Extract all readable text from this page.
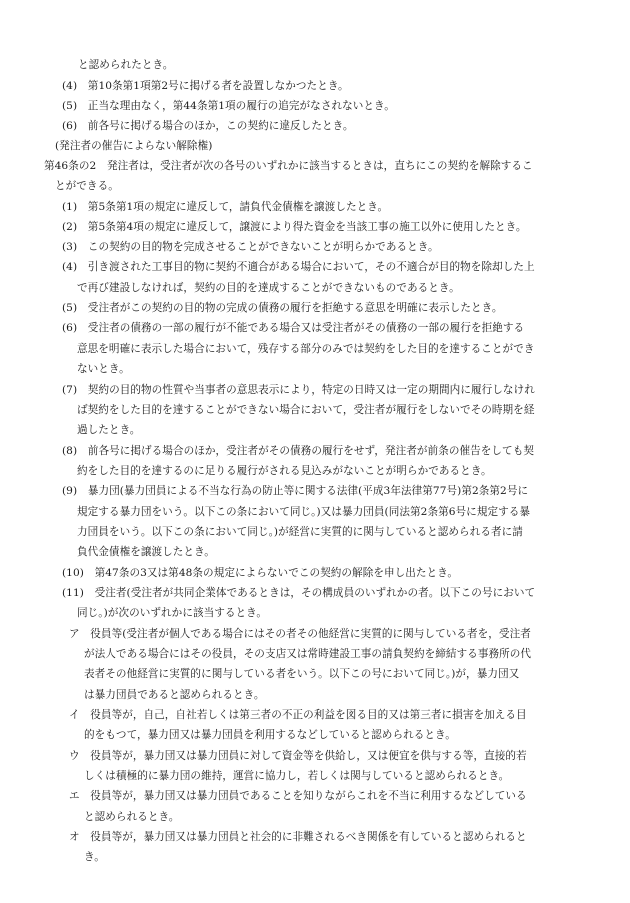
と認められたとき。
(4)　第10条第1項第2号に掲げる者を設置しなかつたとき。
(5)　正当な理由なく，第44条第1項の履行の追完がなされないとき。
(6)　前各号に掲げる場合のほか，この契約に違反したとき。
(発注者の催告によらない解除権)
第46条の2　発注者は，受注者が次の各号のいずれかに該当するときは，直ちにこの契約を解除するこ
とができる。
(1)　第5条第1項の規定に違反して，請負代金債権を譲渡したとき。
(2)　第5条第4項の規定に違反して，譲渡により得た資金を当該工事の施工以外に使用したとき。
(3)　この契約の目的物を完成させることができないことが明らかであるとき。
(4)　引き渡された工事目的物に契約不適合がある場合において，その不適合が目的物を除却した上
で再び建設しなければ，契約の目的を達成することができないものであるとき。
(5)　受注者がこの契約の目的物の完成の債務の履行を拒絶する意思を明確に表示したとき。
(6)　受注者の債務の一部の履行が不能である場合又は受注者がその債務の一部の履行を拒絶する
意思を明確に表示した場合において，残存する部分のみでは契約をした目的を達することができ
ないとき。
(7)　契約の目的物の性質や当事者の意思表示により，特定の日時又は一定の期間内に履行しなけれ
ば契約をした目的を達することができない場合において，受注者が履行をしないでその時期を経
過したとき。
(8)　前各号に掲げる場合のほか，受注者がその債務の履行をせず，発注者が前条の催告をしても契
約をした目的を達するのに足りる履行がされる見込みがないことが明らかであるとき。
(9)　暴力団(暴力団員による不当な行為の防止等に関する法律(平成3年法律第77号)第2条第2号に
規定する暴力団をいう。以下この条において同じ。)又は暴力団員(同法第2条第6号に規定する暴
力団員をいう。以下この条において同じ。)が経営に実質的に関与していると認められる者に請
負代金債権を譲渡したとき。
(10)　第47条の3又は第48条の規定によらないでこの契約の解除を申し出たとき。
(11)　受注者(受注者が共同企業体であるときは，その構成員のいずれかの者。以下この号において
同じ。)が次のいずれかに該当するとき。
ア　役員等(受注者が個人である場合にはその者その他経営に実質的に関与している者を，受注者
が法人である場合にはその役員，その支店又は常時建設工事の請負契約を締結する事務所の代
表者その他経営に実質的に関与している者をいう。以下この号において同じ。)が，暴力団又
は暴力団員であると認められるとき。
イ　役員等が，自己，自社若しくは第三者の不正の利益を図る目的又は第三者に損害を加える目
的をもつて，暴力団又は暴力団員を利用するなどしていると認められるとき。
ウ　役員等が，暴力団又は暴力団員に対して資金等を供給し，又は便宜を供与する等，直接的若
しくは積極的に暴力団の維持，運営に協力し，若しくは関与していると認められるとき。
エ　役員等が，暴力団又は暴力団員であることを知りながらこれを不当に利用するなどしている
と認められるとき。
オ　役員等が，暴力団又は暴力団員と社会的に非難されるべき関係を有していると認められると
き。
